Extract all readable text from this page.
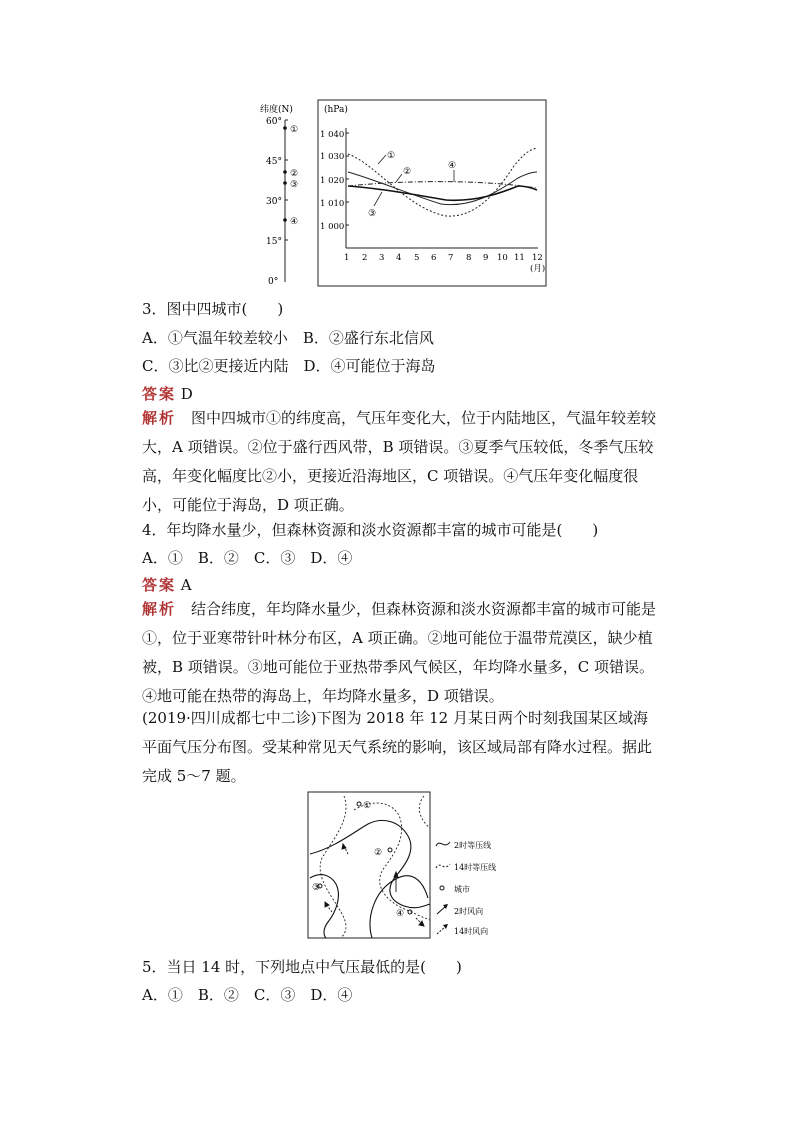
纬度(N)
60°
45°
30°
15°
0°
①
②
③
④
(hPa)
1 040
1 030
1 020
1 010
1 000
1 2 3 4 5 6 7 8 9 10 11 12
(月)
①
②
③
④
3．图中四城市(　　)
A．①气温年较差较小　B．②盛行东北信风
C．③比②更接近内陆　D．④可能位于海岛
答案 D
解析　 图中四城市①的纬度高，气压年变化大，位于内陆地区，气温年较差较大，A 项错误。②位于盛行西风带，B 项错误。③夏季气压较低，冬季气压较高，年变化幅度比②小，更接近沿海地区，C 项错误。④气压年变化幅度很小，可能位于海岛，D 项正确。
4．年均降水量少，但森林资源和淡水资源都丰富的城市可能是(　　)
A．①　B．②　C．③　D．④
答案 A
解析　 结合纬度，年均降水量少，但森林资源和淡水资源都丰富的城市可能是①，位于亚寒带针叶林分布区，A 项正确。②地可能位于温带荒漠区，缺少植被，B 项错误。③地可能位于亚热带季风气候区，年均降水量多，C 项错误。④地可能在热带的海岛上，年均降水量多，D 项错误。
(2019·四川成都七中二诊)下图为 2018 年 12 月某日两个时刻我国某区域海平面气压分布图。受某种常见天气系统的影响，该区域局部有降水过程。据此完成 5～7 题。
①
②
③
④
2时等压线
14时等压线
城市
2时风向
14时风向
5．当日 14 时，下列地点中气压最低的是(　　)
A．①　B．②　C．③　D．④
